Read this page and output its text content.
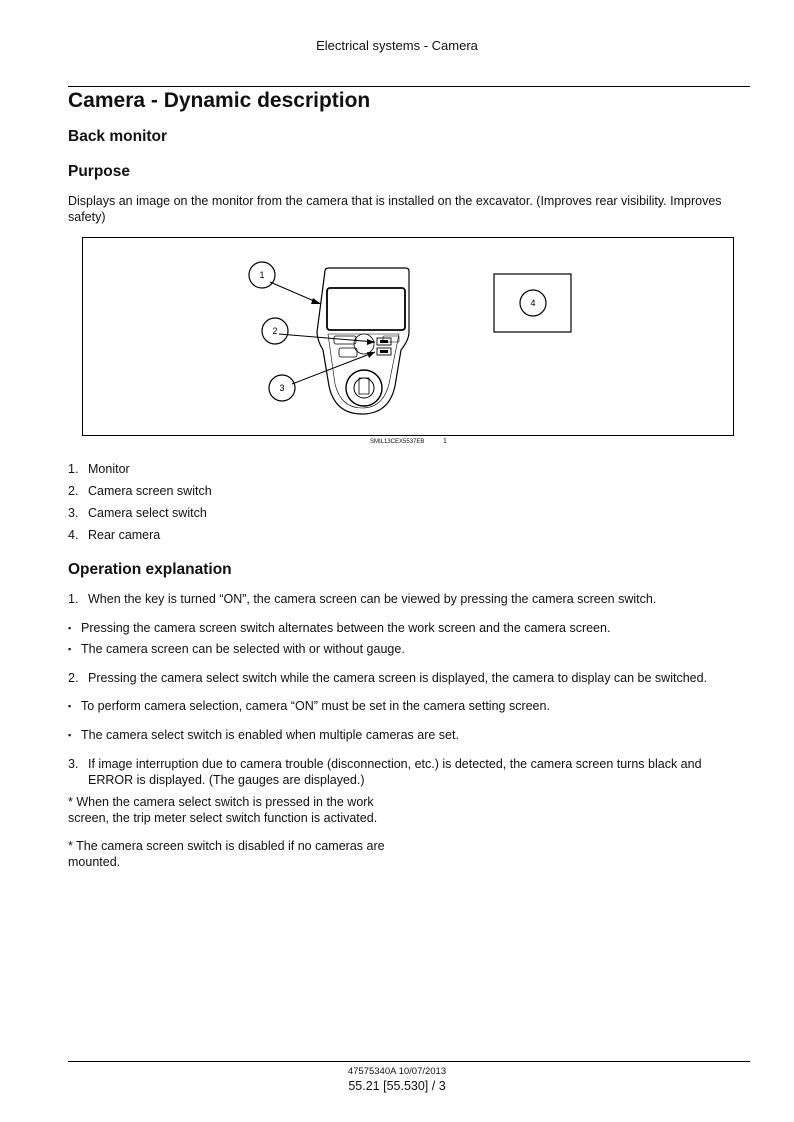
Electrical systems - Camera
Camera - Dynamic description
Back monitor
Purpose
Displays an image on the monitor from the camera that is installed on the excavator. (Improves rear visibility. Improves safety)
1
2
3
4
SMIL13CEX5537EB	1
1. Monitor
2. Camera screen switch
3. Camera select switch
4. Rear camera
Operation explanation
1. When the key is turned “ON”, the camera screen can be viewed by pressing the camera screen switch.
▪ Pressing the camera screen switch alternates between the work screen and the camera screen.
▪ The camera screen can be selected with or without gauge.
2. Pressing the camera select switch while the camera screen is displayed, the camera to display can be switched.
▪ To perform camera selection, camera “ON” must be set in the camera setting screen.
▪ The camera select switch is enabled when multiple cameras are set.
3. If image interruption due to camera trouble (disconnection, etc.) is detected, the camera screen turns black and ERROR is displayed. (The gauges are displayed.)
* When the camera select switch is pressed in the work screen, the trip meter select switch function is activated.
* The camera screen switch is disabled if no cameras are mounted.
47575340A 10/07/2013
55.21 [55.530] / 3
